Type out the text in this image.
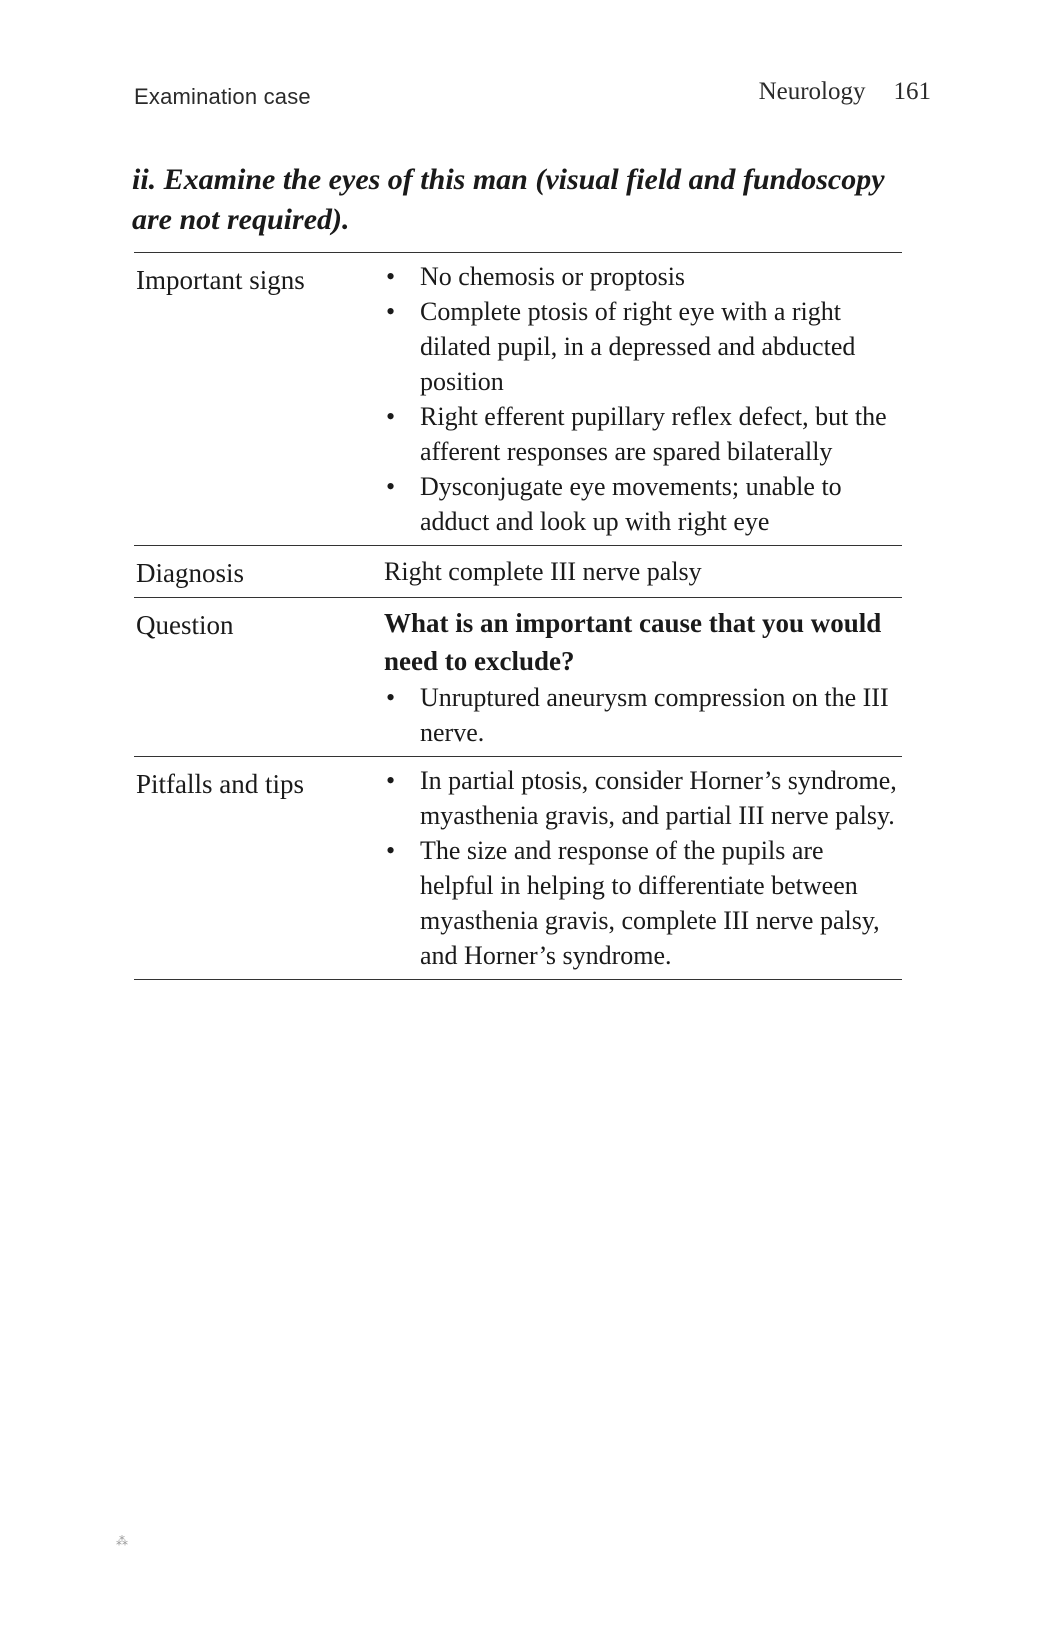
Examination case	Neurology 161
ii. Examine the eyes of this man (visual field and fundoscopy are not required).
Important signs	• No chemosis or proptosis
• Complete ptosis of right eye with a right dilated pupil, in a depressed and abducted position
• Right efferent pupillary reflex defect, but the afferent responses are spared bilaterally
• Dysconjugate eye movements; unable to adduct and look up with right eye
Diagnosis	Right complete III nerve palsy
Question	What is an important cause that you would need to exclude?
• Unruptured aneurysm compression on the III nerve.
Pitfalls and tips	• In partial ptosis, consider Horner’s syndrome, myasthenia gravis, and partial III nerve palsy.
• The size and response of the pupils are helpful in helping to differentiate between myasthenia gravis, complete III nerve palsy, and Horner’s syndrome.
⁂
